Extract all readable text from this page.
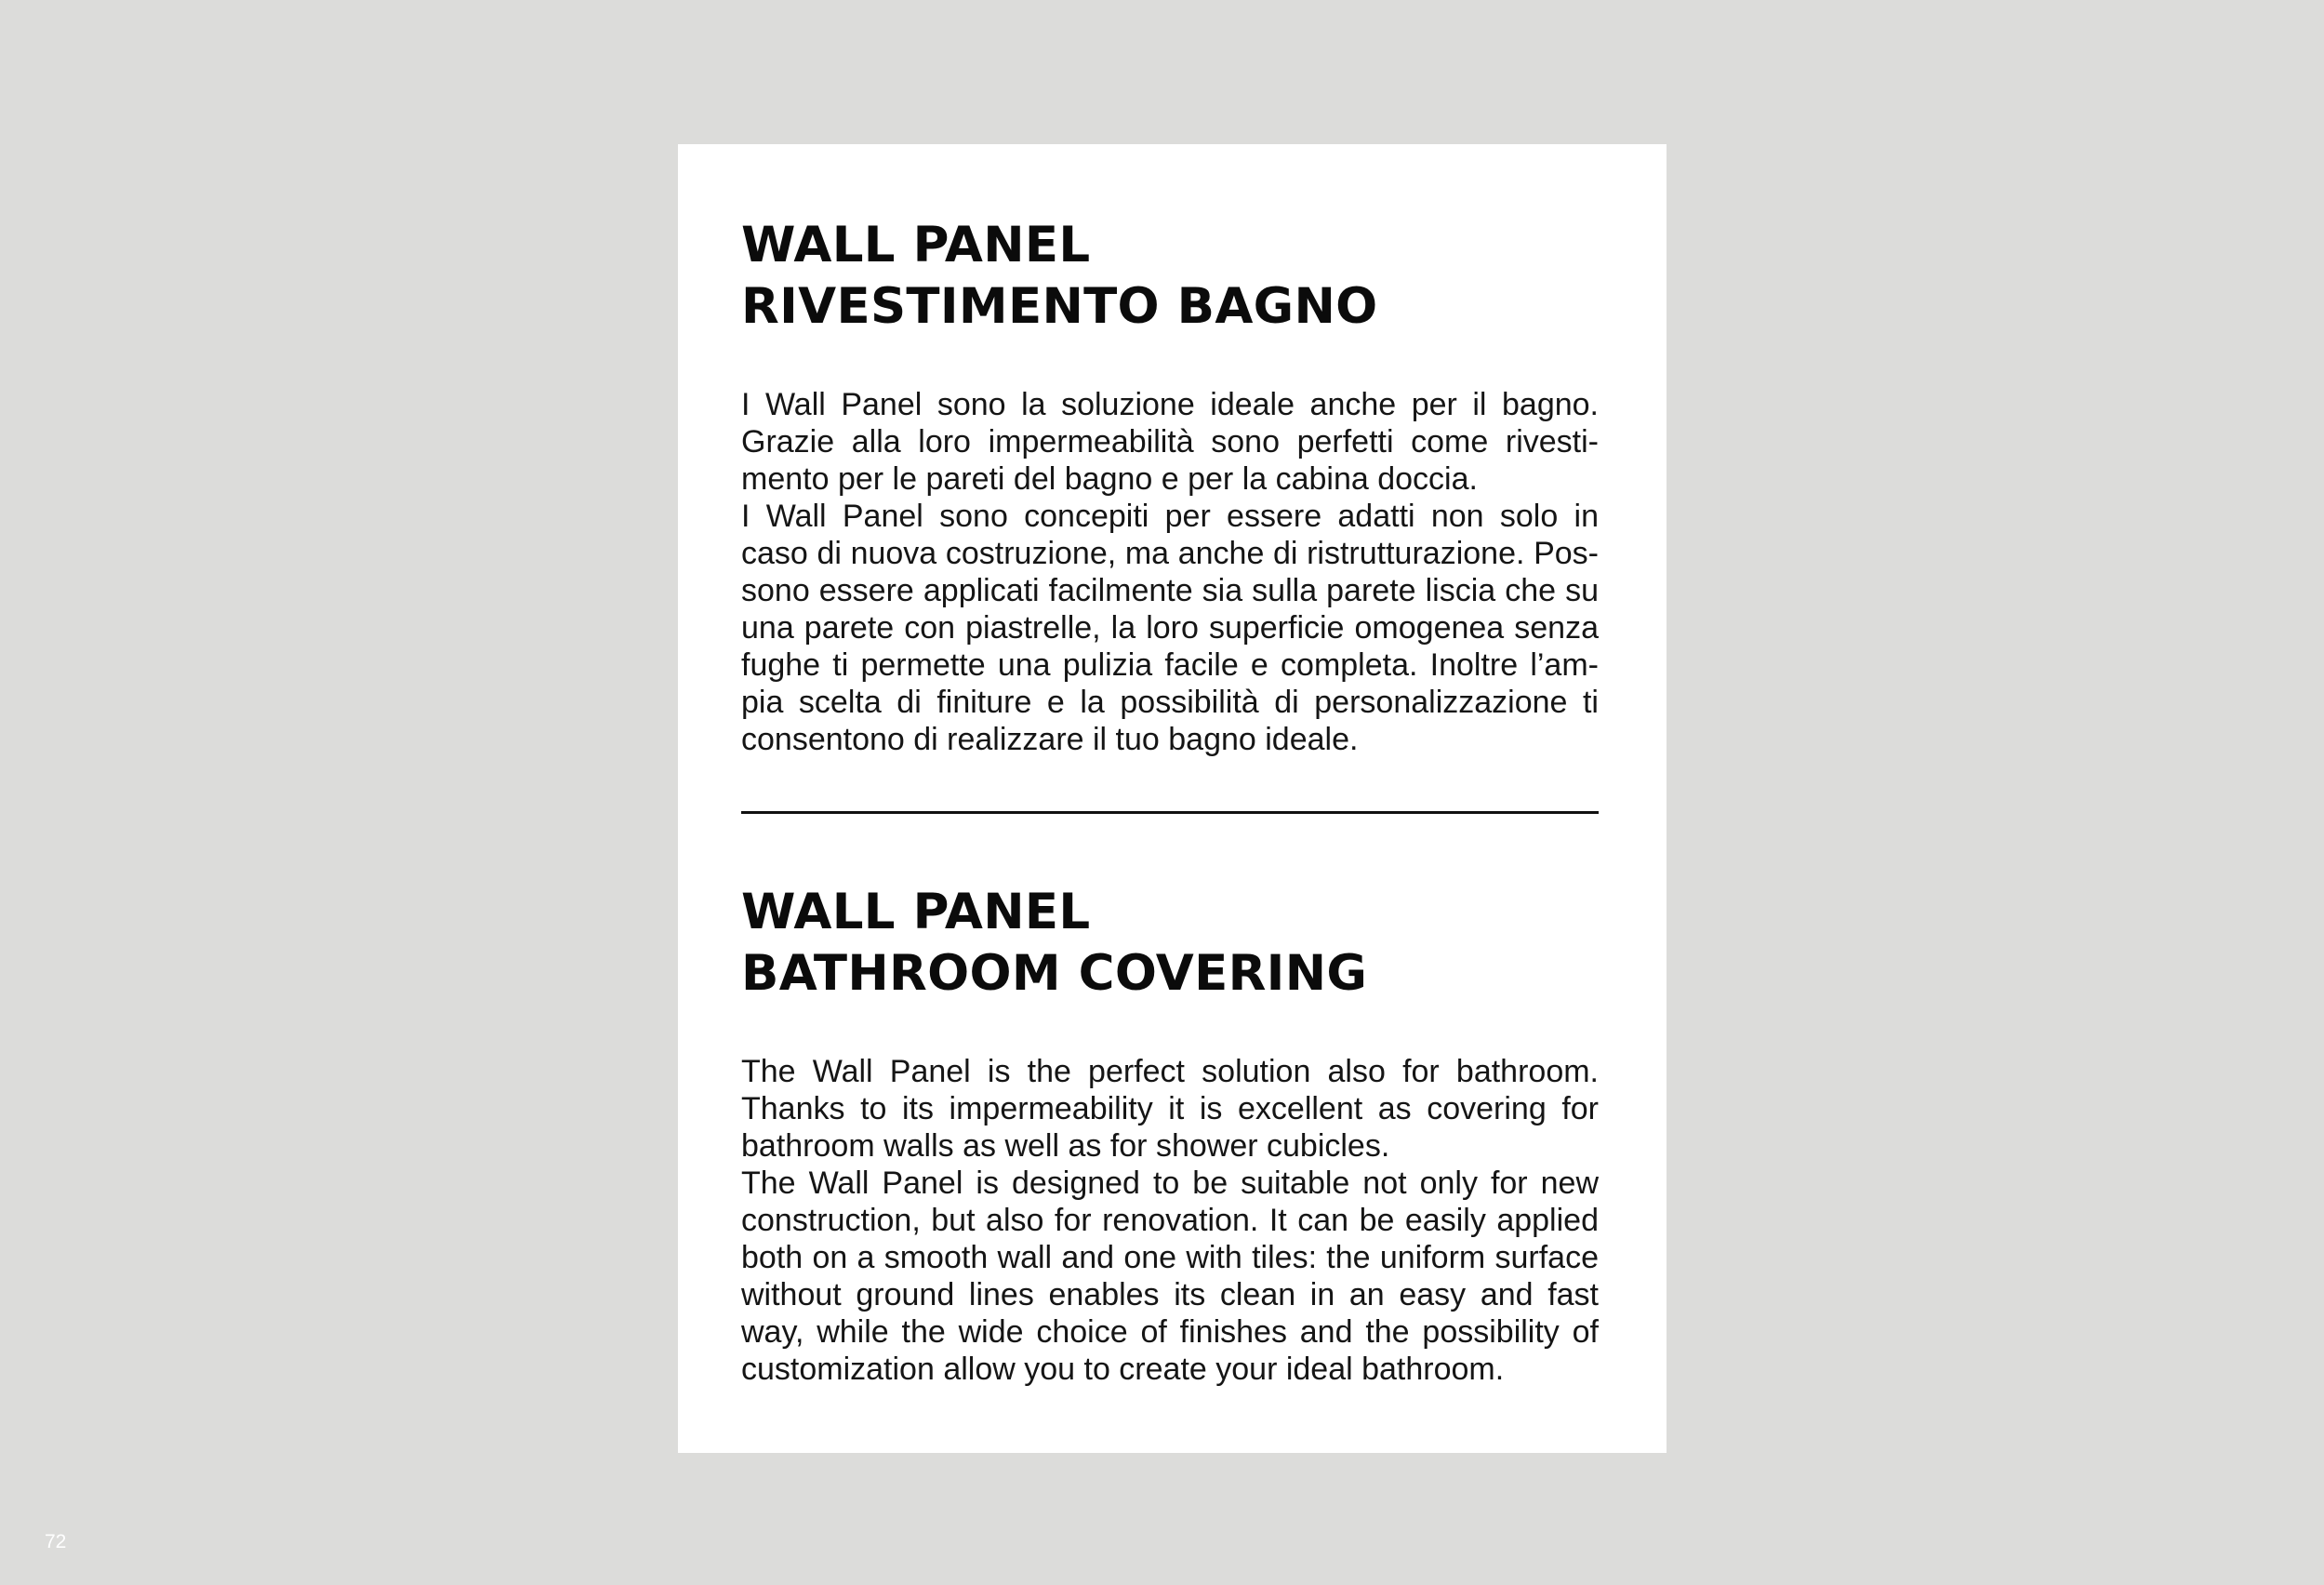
WALL PANEL
RIVESTIMENTO BAGNO

I Wall Panel sono la soluzione ideale anche per il bagno. Grazie alla loro impermeabilità sono perfetti come rivestimento per le pareti del bagno e per la cabina doccia.

I Wall Panel sono concepiti per essere adatti non solo in caso di nuova costruzione, ma anche di ristrutturazione. Possono essere applicati facilmente sia sulla parete liscia che su una parete con piastrelle, la loro superficie omogenea senza fughe ti permette una pulizia facile e completa. Inoltre l’ampia scelta di finiture e la possibilità di personalizzazione ti consentono di realizzare il tuo bagno ideale.

WALL PANEL
BATHROOM COVERING

The Wall Panel is the perfect solution also for bathroom. Thanks to its impermeability it is excellent as covering for bathroom walls as well as for shower cubicles.

The Wall Panel is designed to be suitable not only for new construction, but also for renovation. It can be easily applied both on a smooth wall and one with tiles: the uniform surface without ground lines enables its clean in an easy and fast way, while the wide choice of finishes and the possibility of customization allow you to create your ideal bathroom.

72
